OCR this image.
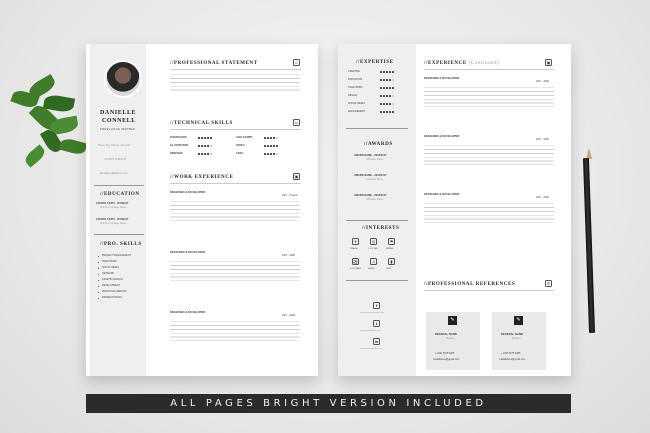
DANIELLE
CONNELL
FREELANCE WRITER
Street, City, Country, Zip Code
+00 0678 1234 5678
Email@emailaddress.com
//EDUCATION
COURSE STUDY - 2016/2017
School Or College Name
COURSE STUDY - 2016/2017
School Or College Name
//PRO. SKILLS
PROJECT MANAGEMENT
TEAM WORK
SOCIAL MEDIA
NETWORK
GRAPHIC DESIGN
DEVELOPMENT
PROFIONAL WRITING
PRESENTATIONS
//PROFESSIONAL STATEMENT	☺
//TECHNICAL SKILLS	▭
PHOTOSHOP	JAVA SCRIPT
ILLUSTRATOR	HTML5
INDESIGN	CSS3
//WORK EXPERIENCE	▣
DESIGNER & DEVELOPER
2007 - Present
DESIGNER & DEVELOPER
2007 - 2008
DESIGNER & DEVELOPER
2007 - 2008
//EXPERTISE
CREATIVE
INNOVATIVE
TEAM WORK
DESIGN
SOCIAL MEDIA
MANAGEMENT
//AWARDS
AWARD NAME - 2016/2017
Company Name
AWARD NAME - 2016/2017
Company Name
AWARD NAME - 2016/2017
Company Name
//INTERESTS
✈
TRAVEL
◎
CYCLING
⚑
BIKING
⚽
FOOTBALL
♫
MUSIC
▮
GYM
f
username/facebook.com
t
username/twitter.com
in
username/linkedin.com
//EXPERIENCE (Continued)	▣
DESIGNER & DEVELOPER
2007 - 2008
DESIGNER & DEVELOPER
2007 - 2008
DESIGNER & DEVELOPER
2007 - 2008
//PROFESSIONAL REFERENCES	✆
✎
REFERAL NAME
Position
+ 1897 5078 6485
mailaddress@gmail.com
✎
REFERAL NAME
Position
+ 1897 5078 6485
mailaddress@gmail.com
ALL PAGES BRIGHT VERSION INCLUDED
